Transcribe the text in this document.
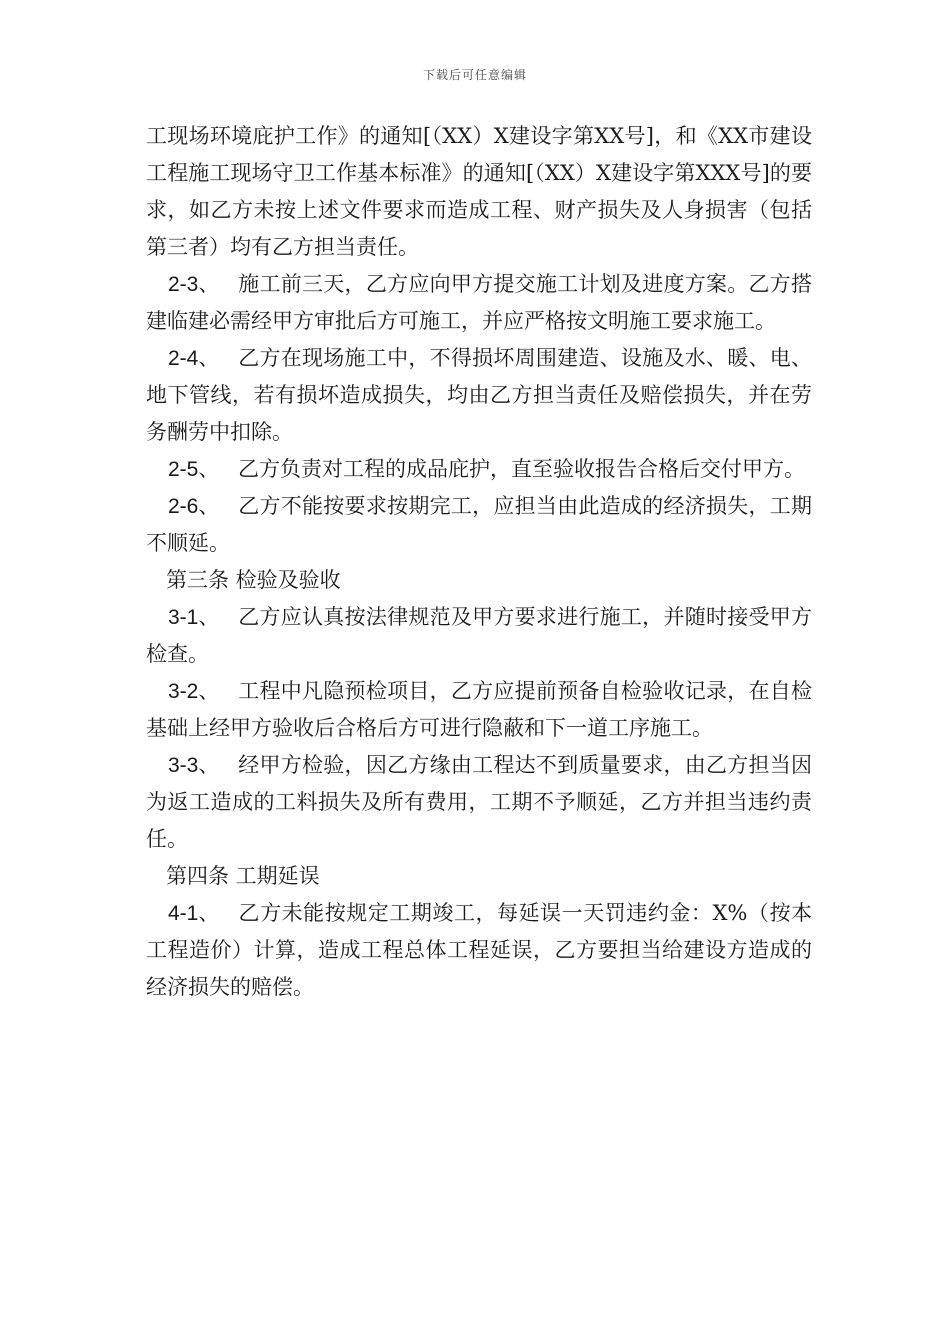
下载后可任意编辑

工现场环境庇护工作》的通知[（XX）X建设字第XX号]，和《XX市建设工程施工现场守卫工作基本标准》的通知[（XX）X建设字第XXX号]的要求，如乙方未按上述文件要求而造成工程、财产损失及人身损害（包括第三者）均有乙方担当责任。

2-3、 施工前三天，乙方应向甲方提交施工计划及进度方案。乙方搭建临建必需经甲方审批后方可施工，并应严格按文明施工要求施工。

2-4、 乙方在现场施工中，不得损坏周围建造、设施及水、暖、电、地下管线，若有损坏造成损失，均由乙方担当责任及赔偿损失，并在劳务酬劳中扣除。

2-5、 乙方负责对工程的成品庇护，直至验收报告合格后交付甲方。

2-6、 乙方不能按要求按期完工，应担当由此造成的经济损失，工期不顺延。

第三条 检验及验收

3-1、 乙方应认真按法律规范及甲方要求进行施工，并随时接受甲方检查。

3-2、 工程中凡隐预检项目，乙方应提前预备自检验收记录，在自检基础上经甲方验收后合格后方可进行隐蔽和下一道工序施工。

3-3、 经甲方检验，因乙方缘由工程达不到质量要求，由乙方担当因为返工造成的工料损失及所有费用，工期不予顺延，乙方并担当违约责任。

第四条 工期延误

4-1、 乙方未能按规定工期竣工，每延误一天罚违约金：X%（按本工程造价）计算，造成工程总体工程延误，乙方要担当给建设方造成的经济损失的赔偿。
